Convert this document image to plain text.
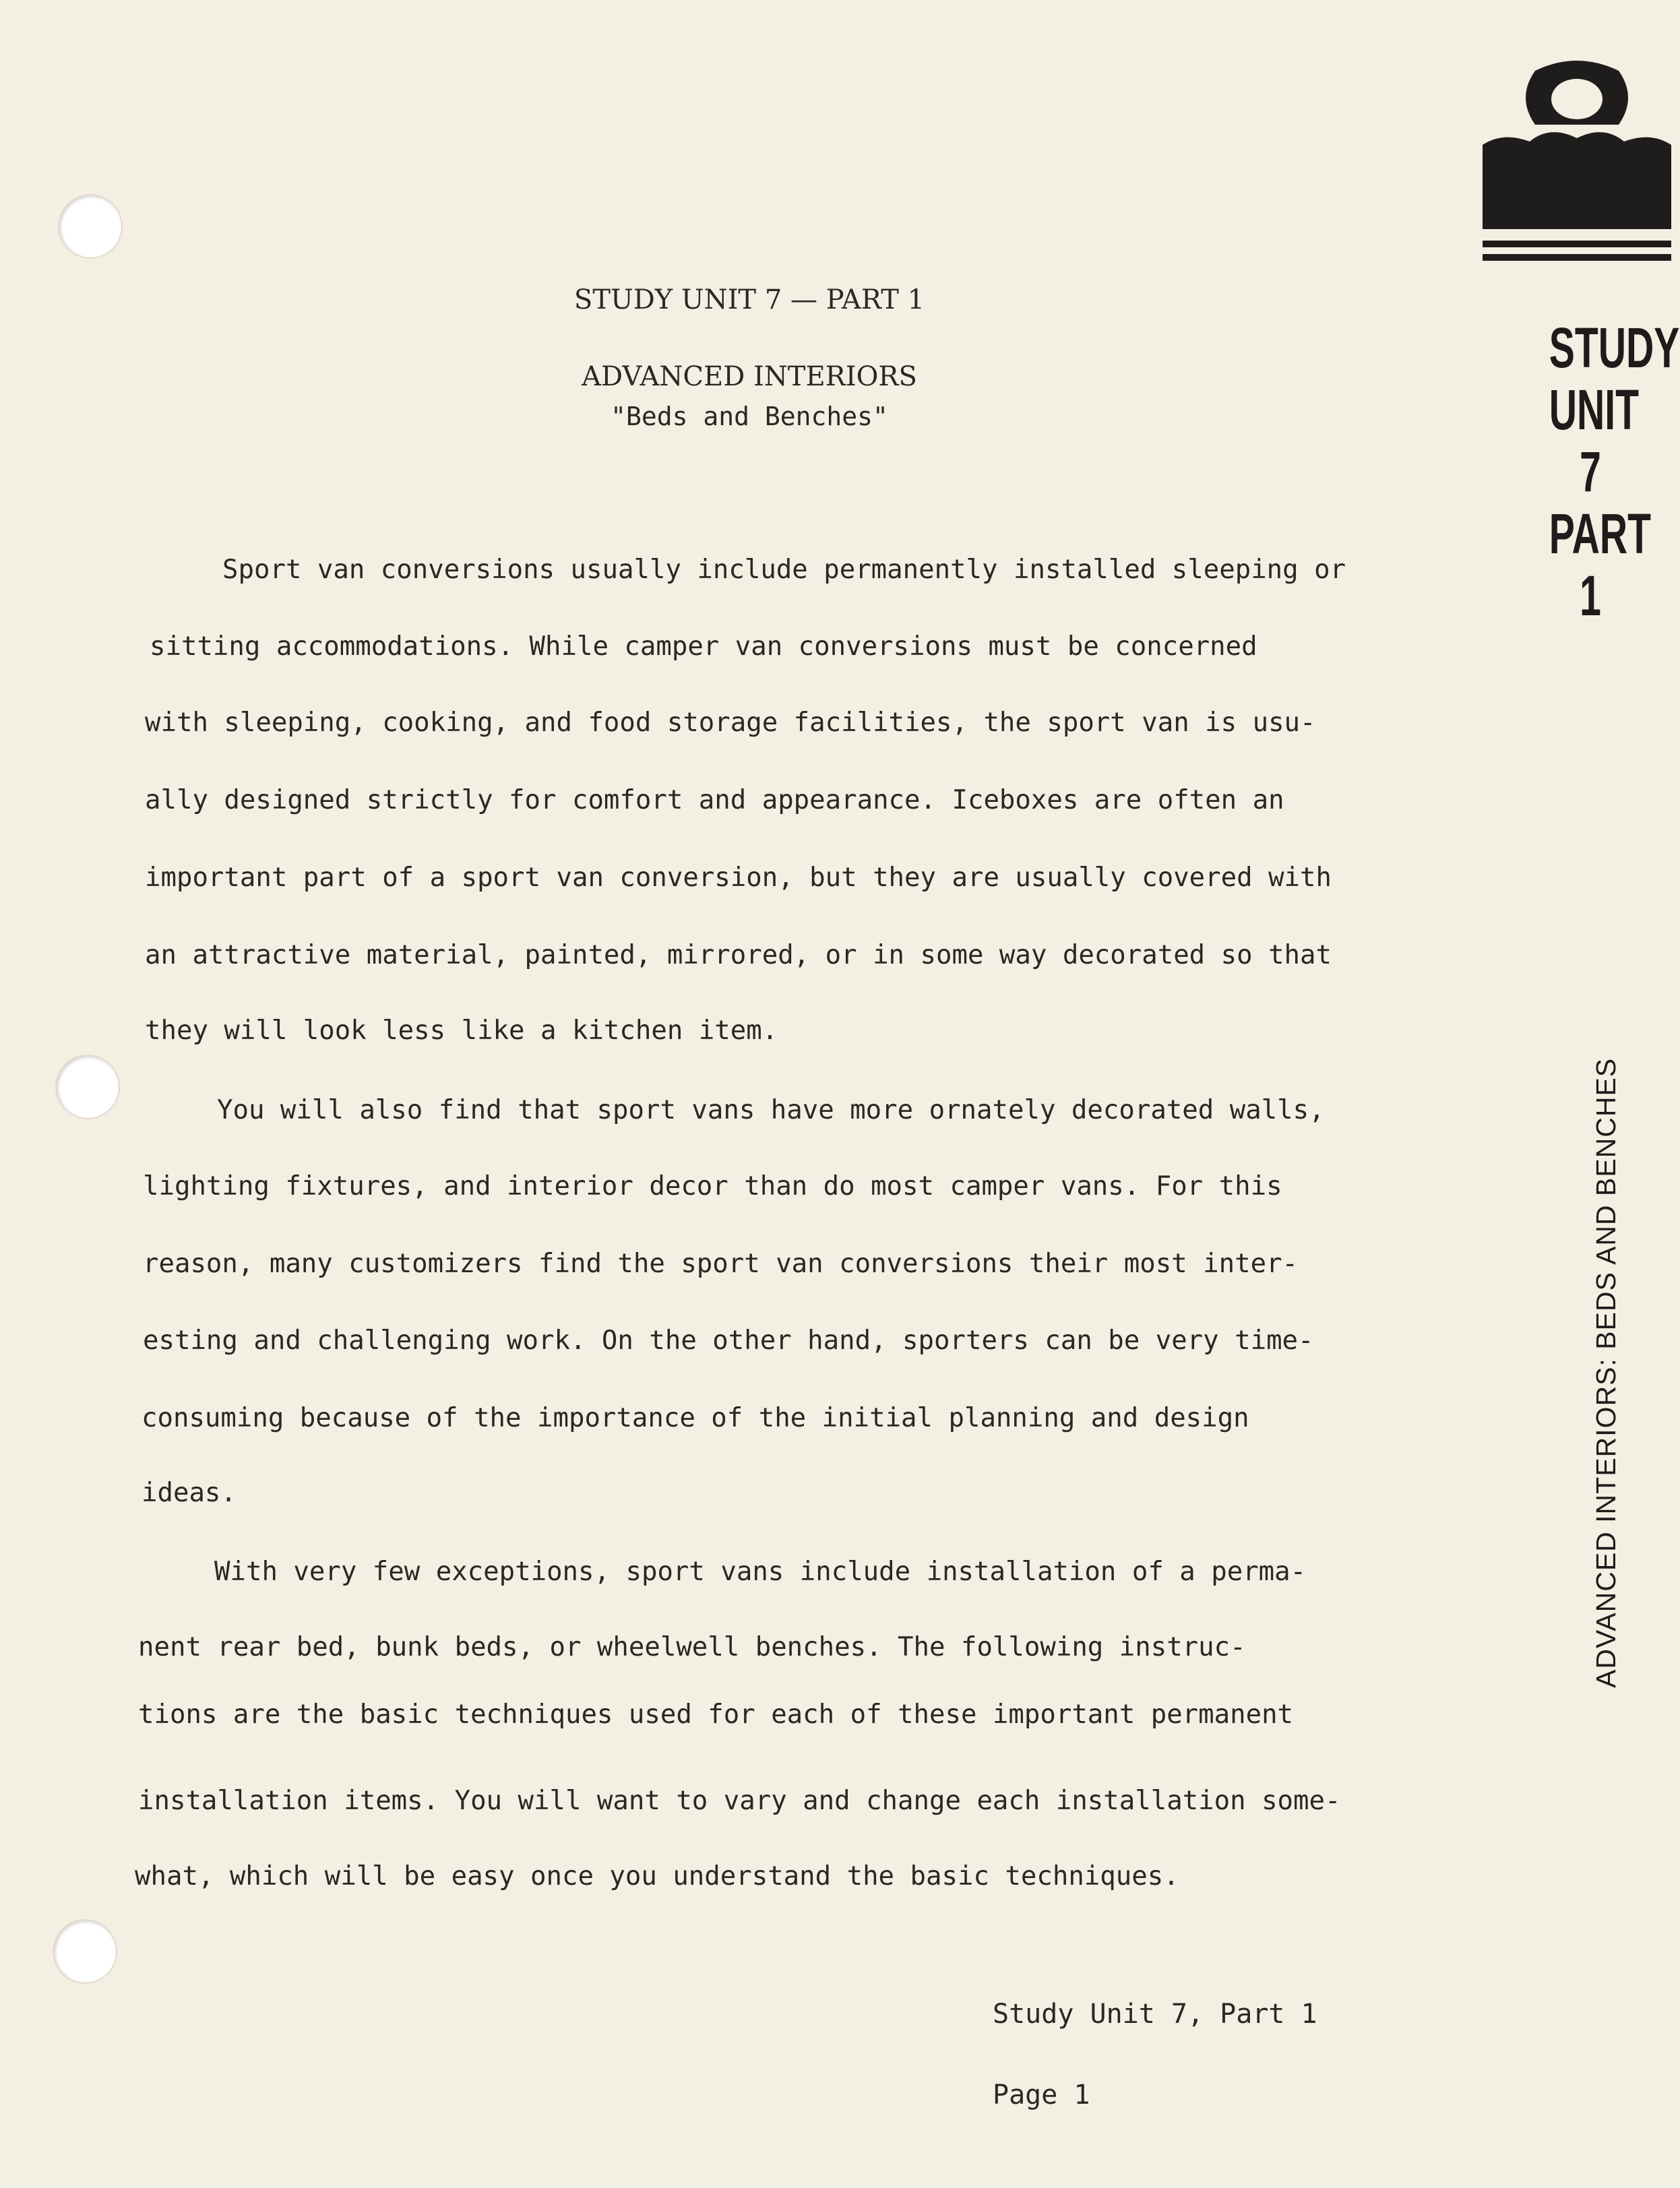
STUDY
UNIT
7
PART
1
ADVANCED INTERIORS: BEDS AND BENCHES
STUDY UNIT 7 — PART 1
ADVANCED INTERIORS
"Beds and Benches"
Sport van conversions usually include permanently installed sleeping or
sitting accommodations. While camper van conversions must be concerned
with sleeping, cooking, and food storage facilities, the sport van is usu-
ally designed strictly for comfort and appearance. Iceboxes are often an
important part of a sport van conversion, but they are usually covered with
an attractive material, painted, mirrored, or in some way decorated so that
they will look less like a kitchen item.
You will also find that sport vans have more ornately decorated walls,
lighting fixtures, and interior decor than do most camper vans. For this
reason, many customizers find the sport van conversions their most inter-
esting and challenging work. On the other hand, sporters can be very time-
consuming because of the importance of the initial planning and design
ideas.
With very few exceptions, sport vans include installation of a perma-
nent rear bed, bunk beds, or wheelwell benches. The following instruc-
tions are the basic techniques used for each of these important permanent
installation items. You will want to vary and change each installation some-
what, which will be easy once you understand the basic techniques.
Study Unit 7, Part 1
Page 1
